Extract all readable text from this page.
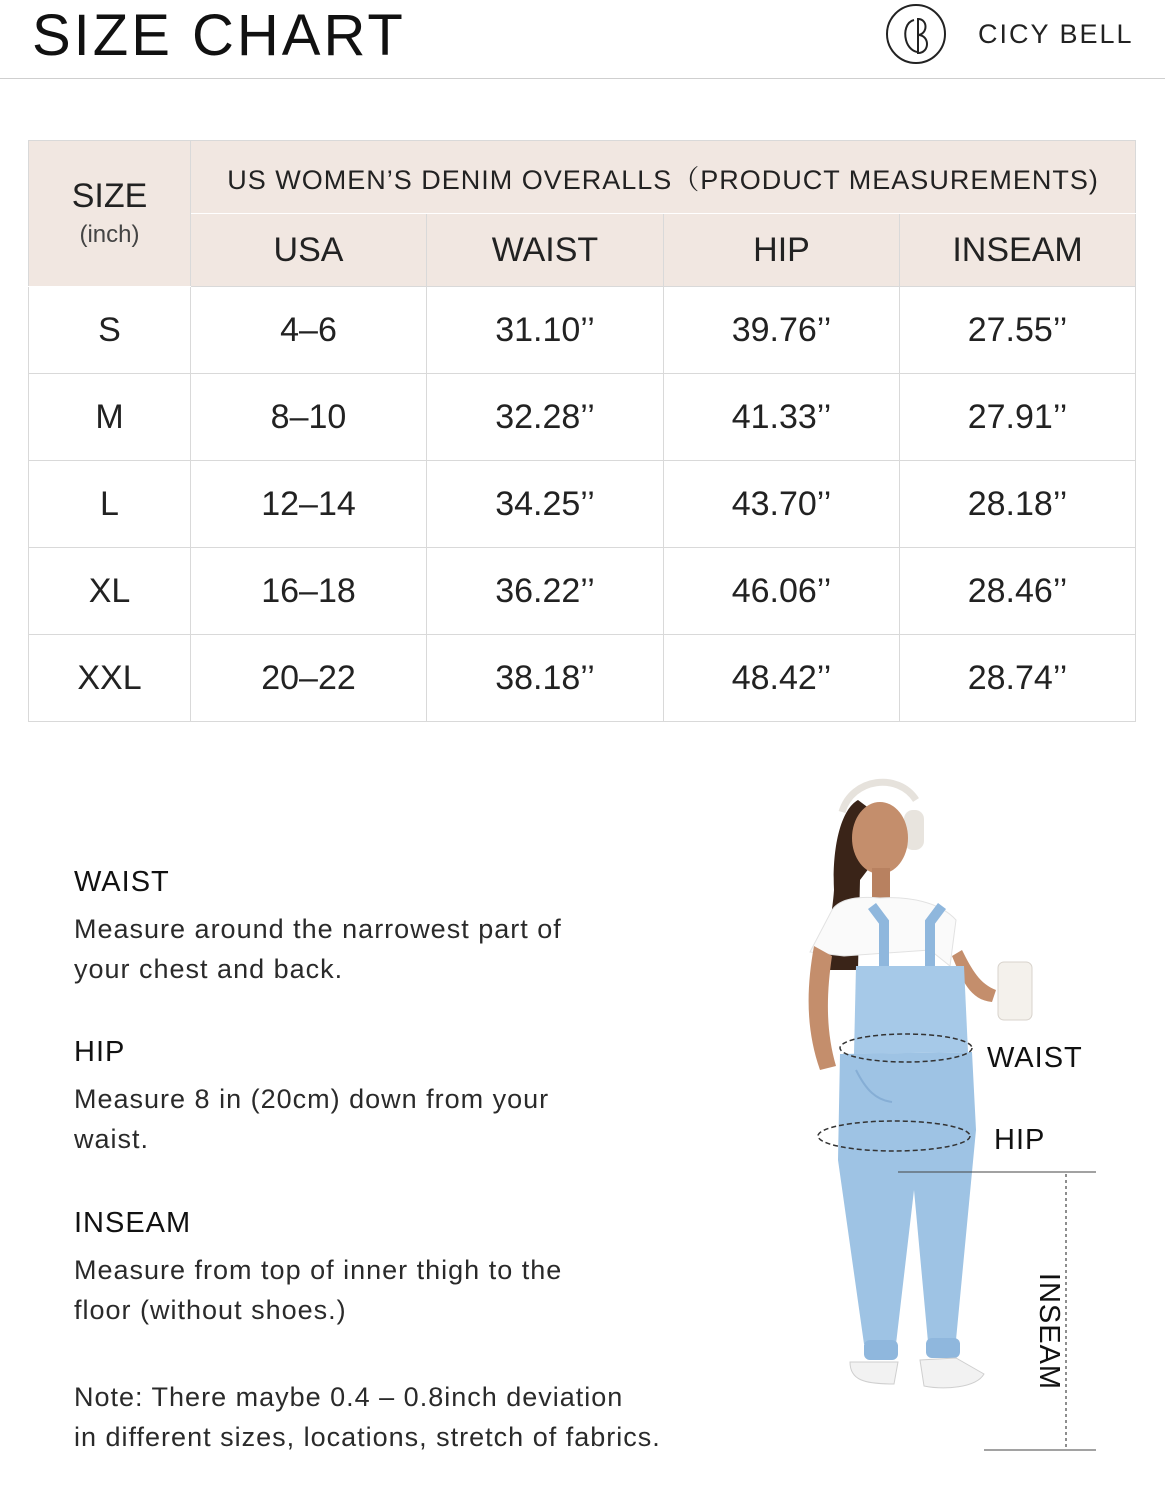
SIZE CHART	CICY BELL
SIZE
(inch)	US WOMEN’S DENIM OVERALLS（PRODUCT MEASUREMENTS)			
	USA	WAIST	HIP	INSEAM
S	4–6	31.10’’	39.76’’	27.55’’
M	8–10	32.28’’	41.33’’	27.91’’
L	12–14	34.25’’	43.70’’	28.18’’
XL	16–18	36.22’’	46.06’’	28.46’’
XXL	20–22	38.18’’	48.42’’	28.74’’
WAIST

Measure around the narrowest part of
your chest and back.

HIP

Measure 8 in (20cm) down from your
waist.

INSEAM

Measure from top of inner thigh to the
floor (without shoes.)

Note: There maybe 0.4 – 0.8inch deviation
in different sizes, locations, stretch of fabrics.
WAIST
HIP
INSEAM
